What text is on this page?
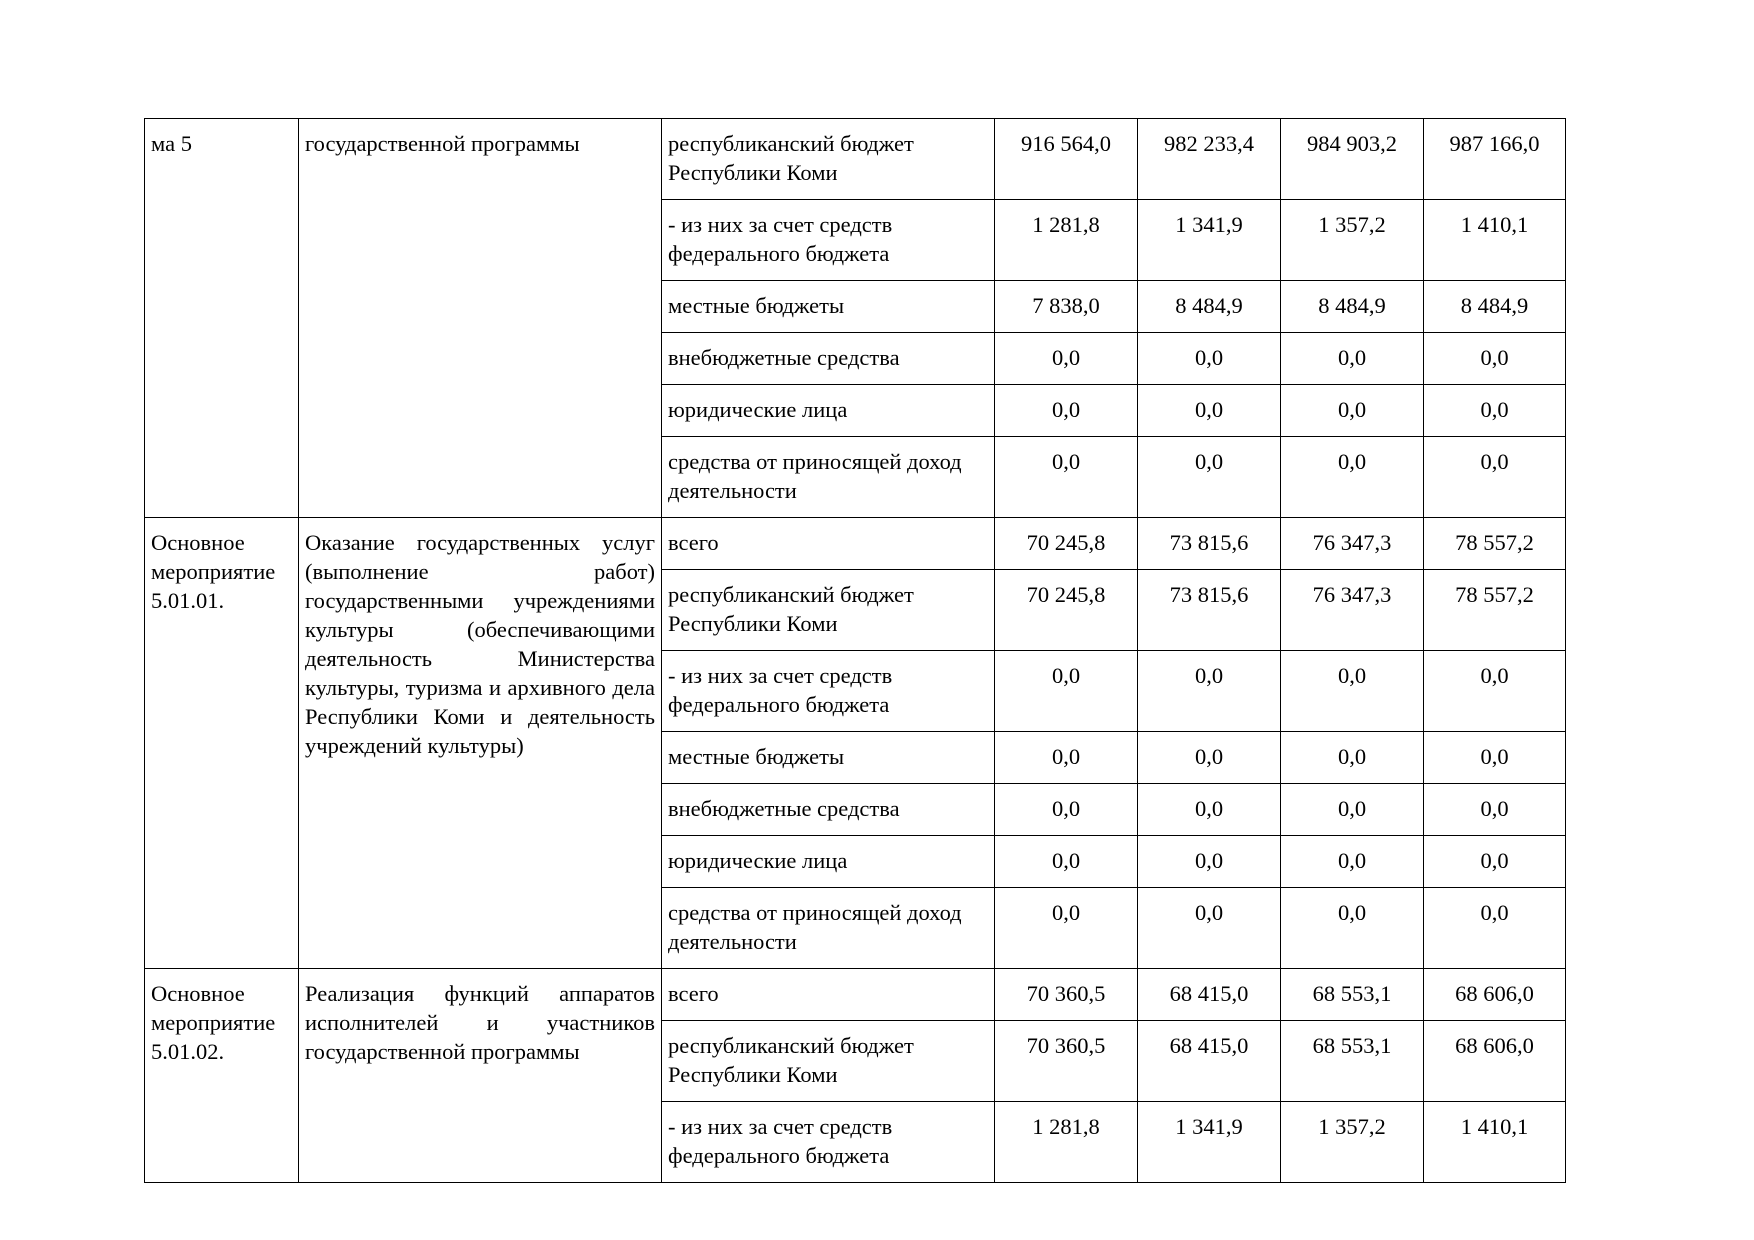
ма 5	государственной программы	республиканский бюджет Республики Коми	916 564,0	982 233,4	984 903,2	987 166,0
		- из них за счет средств федерального бюджета	1 281,8	1 341,9	1 357,2	1 410,1
		местные бюджеты	7 838,0	8 484,9	8 484,9	8 484,9
		внебюджетные средства	0,0	0,0	0,0	0,0
		юридические лица	0,0	0,0	0,0	0,0
		средства от приносящей доход деятельности	0,0	0,0	0,0	0,0
Основное мероприятие 5.01.01.	Оказание государственных услуг (выполнение работ) государственными учреждениями культуры (обеспечивающими деятельность Министерства культуры, туризма и архивного дела Республики Коми и деятельность учреждений культуры)	всего	70 245,8	73 815,6	76 347,3	78 557,2
		республиканский бюджет Республики Коми	70 245,8	73 815,6	76 347,3	78 557,2
		- из них за счет средств федерального бюджета	0,0	0,0	0,0	0,0
		местные бюджеты	0,0	0,0	0,0	0,0
		внебюджетные средства	0,0	0,0	0,0	0,0
		юридические лица	0,0	0,0	0,0	0,0
		средства от приносящей доход деятельности	0,0	0,0	0,0	0,0
Основное мероприятие 5.01.02.	Реализация функций аппаратов исполнителей и участников государственной программы	всего	70 360,5	68 415,0	68 553,1	68 606,0
		республиканский бюджет Республики Коми	70 360,5	68 415,0	68 553,1	68 606,0
		- из них за счет средств федерального бюджета	1 281,8	1 341,9	1 357,2	1 410,1
